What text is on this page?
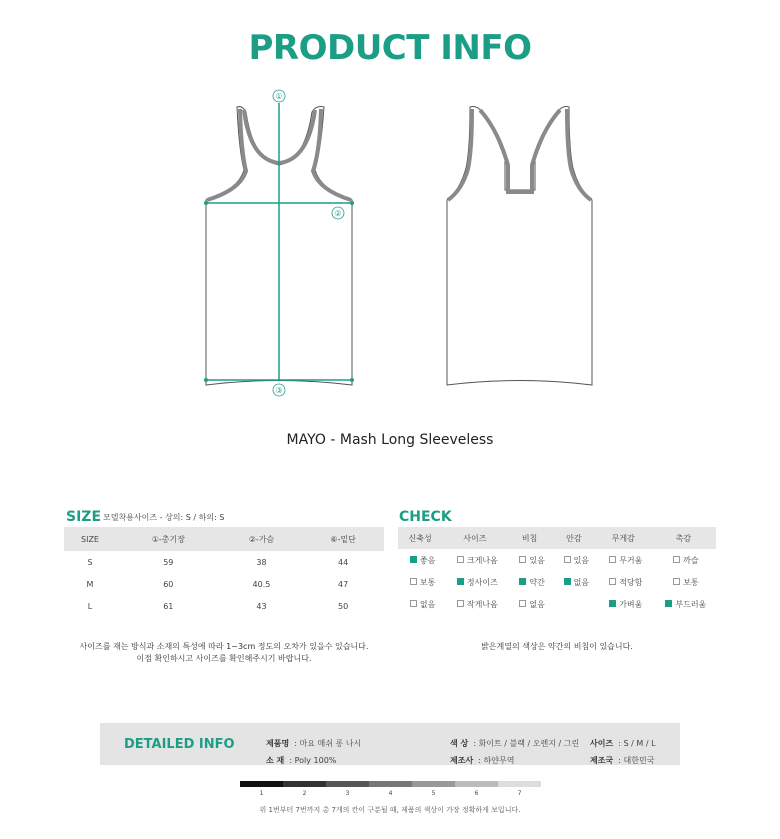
PRODUCT INFO
①
②
③
MAYO - Mash Long Sleeveless
SIZE 모델착용사이즈 - 상의: S / 하의: S
SIZE	①-총기장	②-가슴	⑥-밑단
S	59	38	44
M	60	40.5	47
L	61	43	50
사이즈를 재는 방식과 소재의 특성에 따라 1~3cm 정도의 오차가 있을수 있습니다.
이점 확인하시고 사이즈를 확인해주시기 바랍니다.
CHECK
신축성	사이즈	비침	안감	무게감	촉감
좋음	크게나옴	있음	있음	무거움	까슬
보통	정사이즈	약간	없음	적당함	보통
없음	작게나옴	없음		가벼움	부드러움
밝은계열의 색상은 약간의 비침이 있습니다.
DETAILED INFO	제품명 : 마요 매쉬 롱 나시
소 재 : Poly 100%
색 상 : 화이트 / 블랙 / 오렌지 / 그린
제조사 : 하얀무역
사이즈 : S / M / L
제조국 : 대한민국
1	2	3	4	5	6	7
위 1번부터 7번까지 총 7개의 칸이 구분될 때, 제품의 색상이 가장 정확하게 보입니다.
